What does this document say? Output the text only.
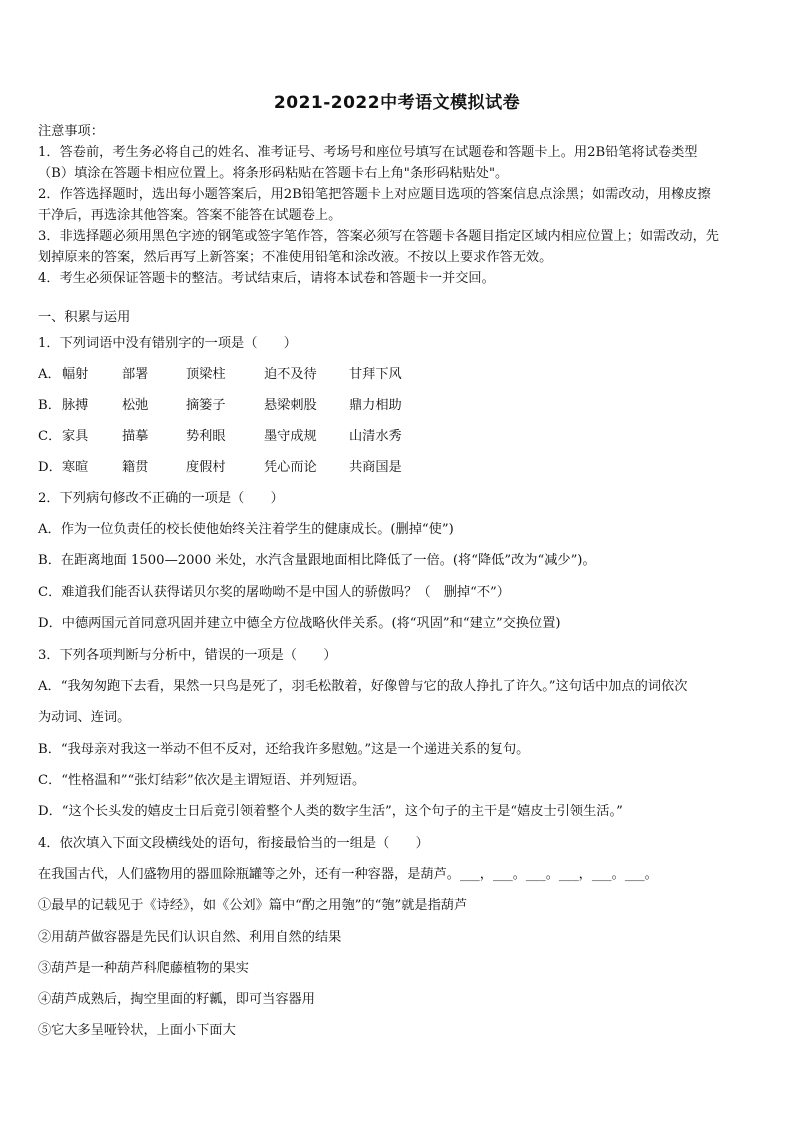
2021-2022中考语文模拟试卷
注意事项：
1．答卷前，考生务必将自己的姓名、准考证号、考场号和座位号填写在试题卷和答题卡上。用2B铅笔将试卷类型
（B）填涂在答题卡相应位置上。将条形码粘贴在答题卡右上角"条形码粘贴处"。
2．作答选择题时，选出每小题答案后，用2B铅笔把答题卡上对应题目选项的答案信息点涂黑；如需改动，用橡皮擦
干净后，再选涂其他答案。答案不能答在试题卷上。
3．非选择题必须用黑色字迹的钢笔或签字笔作答，答案必须写在答题卡各题目指定区域内相应位置上；如需改动，先
划掉原来的答案，然后再写上新答案；不准使用铅笔和涂改液。不按以上要求作答无效。
4．考生必须保证答题卡的整洁。考试结束后，请将本试卷和答题卡一并交回。
一、积累与运用
1．下列词语中没有错别字的一项是（　　）
A．幅射	部署	顶梁柱	迫不及待 甘拜下风
B．脉搏	松弛	摘篓子	悬梁刺股 鼎力相助
C．家具	描摹	势利眼	墨守成规 山清水秀
D．寒暄	籍贯	度假村	凭心而论 共商国是
2．下列病句修改不正确的一项是（　　）
A．作为一位负责任的校长使他始终关注着学生的健康成长。(删掉“使”)
B．在距离地面 1500—2000 米处，水汽含量跟地面相比降低了一倍。(将“降低”改为“减少”)。
C．难道我们能否认获得诺贝尔奖的屠呦呦不是中国人的骄傲吗？（　删掉“不”）
D．中德两国元首同意巩固并建立中德全方位战略伙伴关系。(将“巩固”和“建立”交换位置)
3．下列各项判断与分析中，错误的一项是（　　）
A．“我匆匆跑下去看，果然一只鸟是死了，羽毛松散着，好像曾与它的敌人挣扎了许久。”这句话中加点的词依次
为动词、连词。
B．“我母亲对我这一举动不但不反对，还给我许多慰勉。”这是一个递进关系的复句。
C．“性格温和”“张灯结彩”依次是主谓短语、并列短语。
D．“这个长头发的嬉皮士日后竟引领着整个人类的数字生活”，这个句子的主干是“嬉皮士引领生活。”
4．依次填入下面文段横线处的语句，衔接最恰当的一组是（　　）
在我国古代，人们盛物用的器皿除瓶罐等之外，还有一种容器，是葫芦。___，___。___。___，___。___。
①最早的记载见于《诗经》，如《公刘》篇中“酌之用匏”的“匏”就是指葫芦
②用葫芦做容器是先民们认识自然、利用自然的结果
③葫芦是一种葫芦科爬藤植物的果实
④葫芦成熟后，掏空里面的籽瓤，即可当容器用
⑤它大多呈哑铃状，上面小下面大
